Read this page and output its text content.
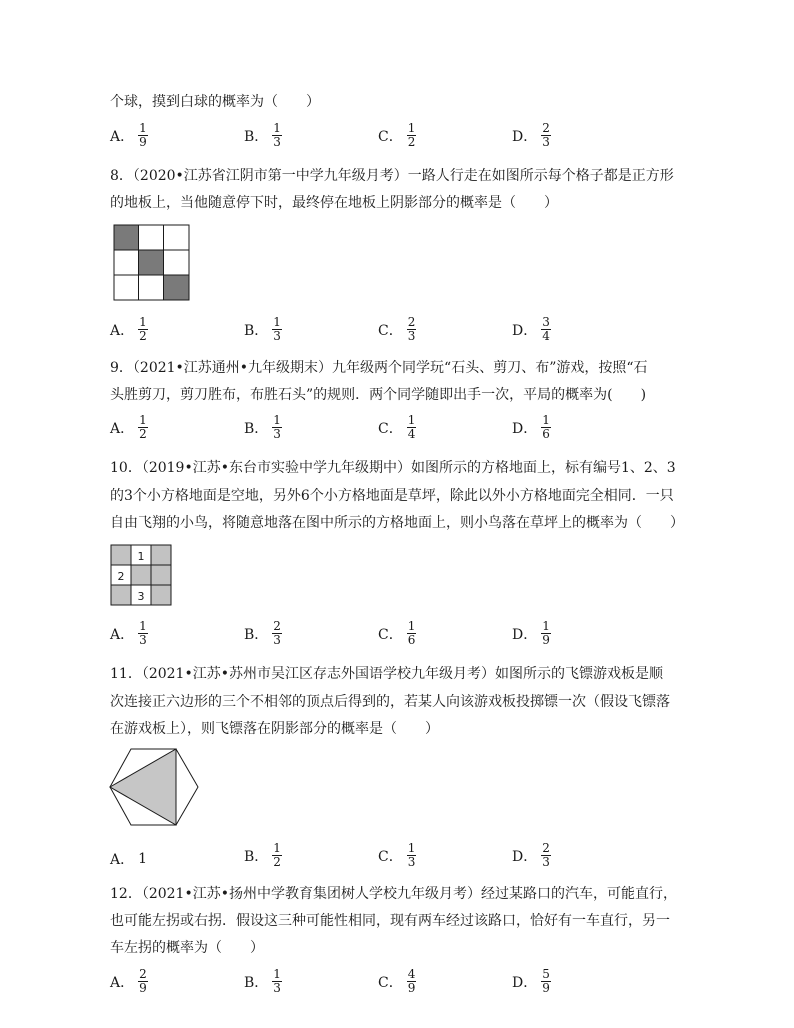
个球，摸到白球的概率为（　　）
A． $\frac{1}{9}$	B． $\frac{1}{3}$	C． $\frac{1}{2}$	D． $\frac{2}{3}$
8．（2020•江苏省江阴市第一中学九年级月考）一路人行走在如图所示每个格子都是正方形
的地板上，当他随意停下时，最终停在地板上阴影部分的概率是（　　）
A． $\frac{1}{2}$	B． $\frac{1}{3}$	C． $\frac{2}{3}$	D． $\frac{3}{4}$
9．（2021•江苏通州•九年级期末）九年级两个同学玩“石头、剪刀、布”游戏，按照“石
头胜剪刀，剪刀胜布，布胜石头”的规则．两个同学随即出手一次，平局的概率为(　　)
A． $\frac{1}{2}$	B． $\frac{1}{3}$	C． $\frac{1}{4}$	D． $\frac{1}{6}$
10．（2019•江苏•东台市实验中学九年级期中）如图所示的方格地面上，标有编号1、2、3
的3个小方格地面是空地，另外6个小方格地面是草坪，除此以外小方格地面完全相同．一只
自由飞翔的小鸟，将随意地落在图中所示的方格地面上，则小鸟落在草坪上的概率为（　　）
1
2
3
A． $\frac{1}{3}$	B． $\frac{2}{3}$	C． $\frac{1}{6}$	D． $\frac{1}{9}$
11．（2021•江苏•苏州市吴江区存志外国语学校九年级月考）如图所示的飞镖游戏板是顺
次连接正六边形的三个不相邻的顶点后得到的，若某人向该游戏板投掷镖一次（假设飞镖落
在游戏板上），则飞镖落在阴影部分的概率是（　　）
A． 1	B． $\frac{1}{2}$	C． $\frac{1}{3}$	D． $\frac{2}{3}$
12．（2021•江苏•扬州中学教育集团树人学校九年级月考）经过某路口的汽车，可能直行，
也可能左拐或右拐．假设这三种可能性相同，现有两车经过该路口，恰好有一车直行，另一
车左拐的概率为（　　）
A． $\frac{2}{9}$	B． $\frac{1}{3}$	C． $\frac{4}{9}$	D． $\frac{5}{9}$
